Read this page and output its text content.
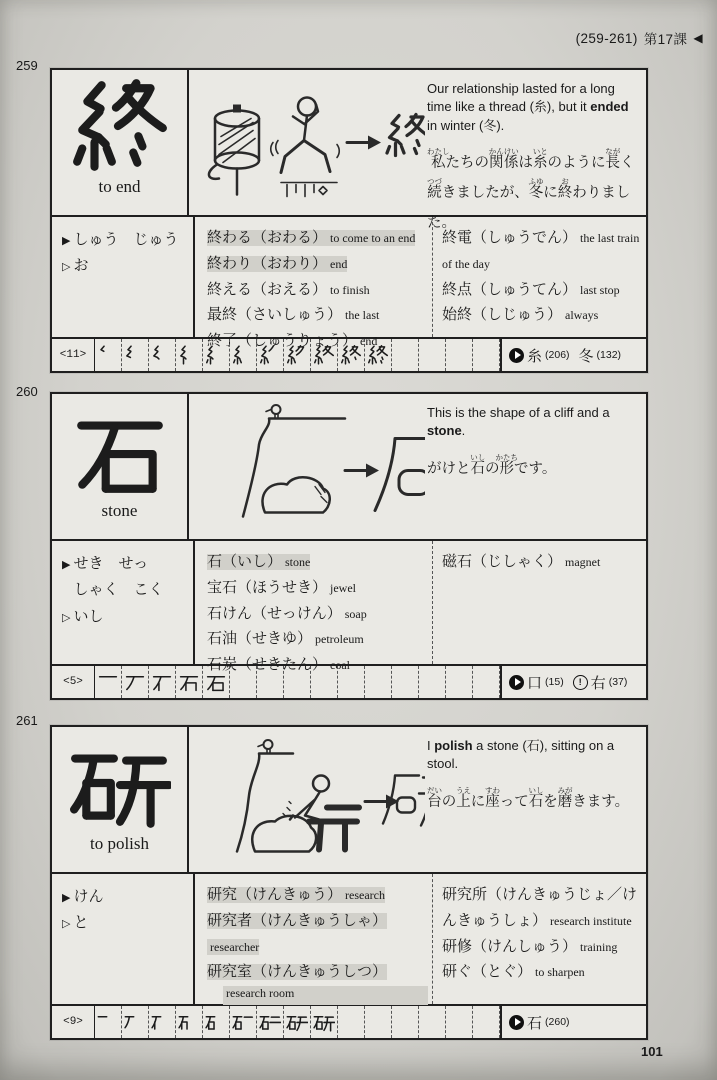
(259-261) 第17課 ◀
259
to end
Our relationship lasted for a long time like a thread (糸), but it ended in winter (冬).
私わたしたちの関係かんけいは糸いとのように長ながく続つづきましたが、冬ふゆに終おわりました。
▶ しゅう　じゅう
▷ お
終わる（おわる） to come to an end
終わり（おわり） end
終える（おえる） to finish
最終（さいしゅう） the last
終了（しゅうりょう） end
終電（しゅうでん） the last train of the day
終点（しゅうてん） last stop
始終（しじゅう） always
<11>	糸 (206) 冬 (132)
260
stone
This is the shape of a cliff and a stone.
がけと石いしの形かたちです。
▶ せき　せっ
しゃく　こく
▷ いし
石（いし） stone
宝石（ほうせき） jewel
石けん（せっけん） soap
石油（せきゆ） petroleum
石炭（せきたん） coal
磁石（じしゃく） magnet
<5>	口 (15)	! 右 (37)
261
to polish
I polish a stone (石), sitting on a stool.
台だいの上うえに座すわって石いしを磨みがきます。
▶ けん
▷ と
研究（けんきゅう） research
研究者（けんきゅうしゃ）researcher
研究室（けんきゅうしつ）
research room
研究所（けんきゅうじょ／けんきゅうしょ） research institute
研修（けんしゅう） training
研ぐ（とぐ） to sharpen
<9>	石 (260)
101
